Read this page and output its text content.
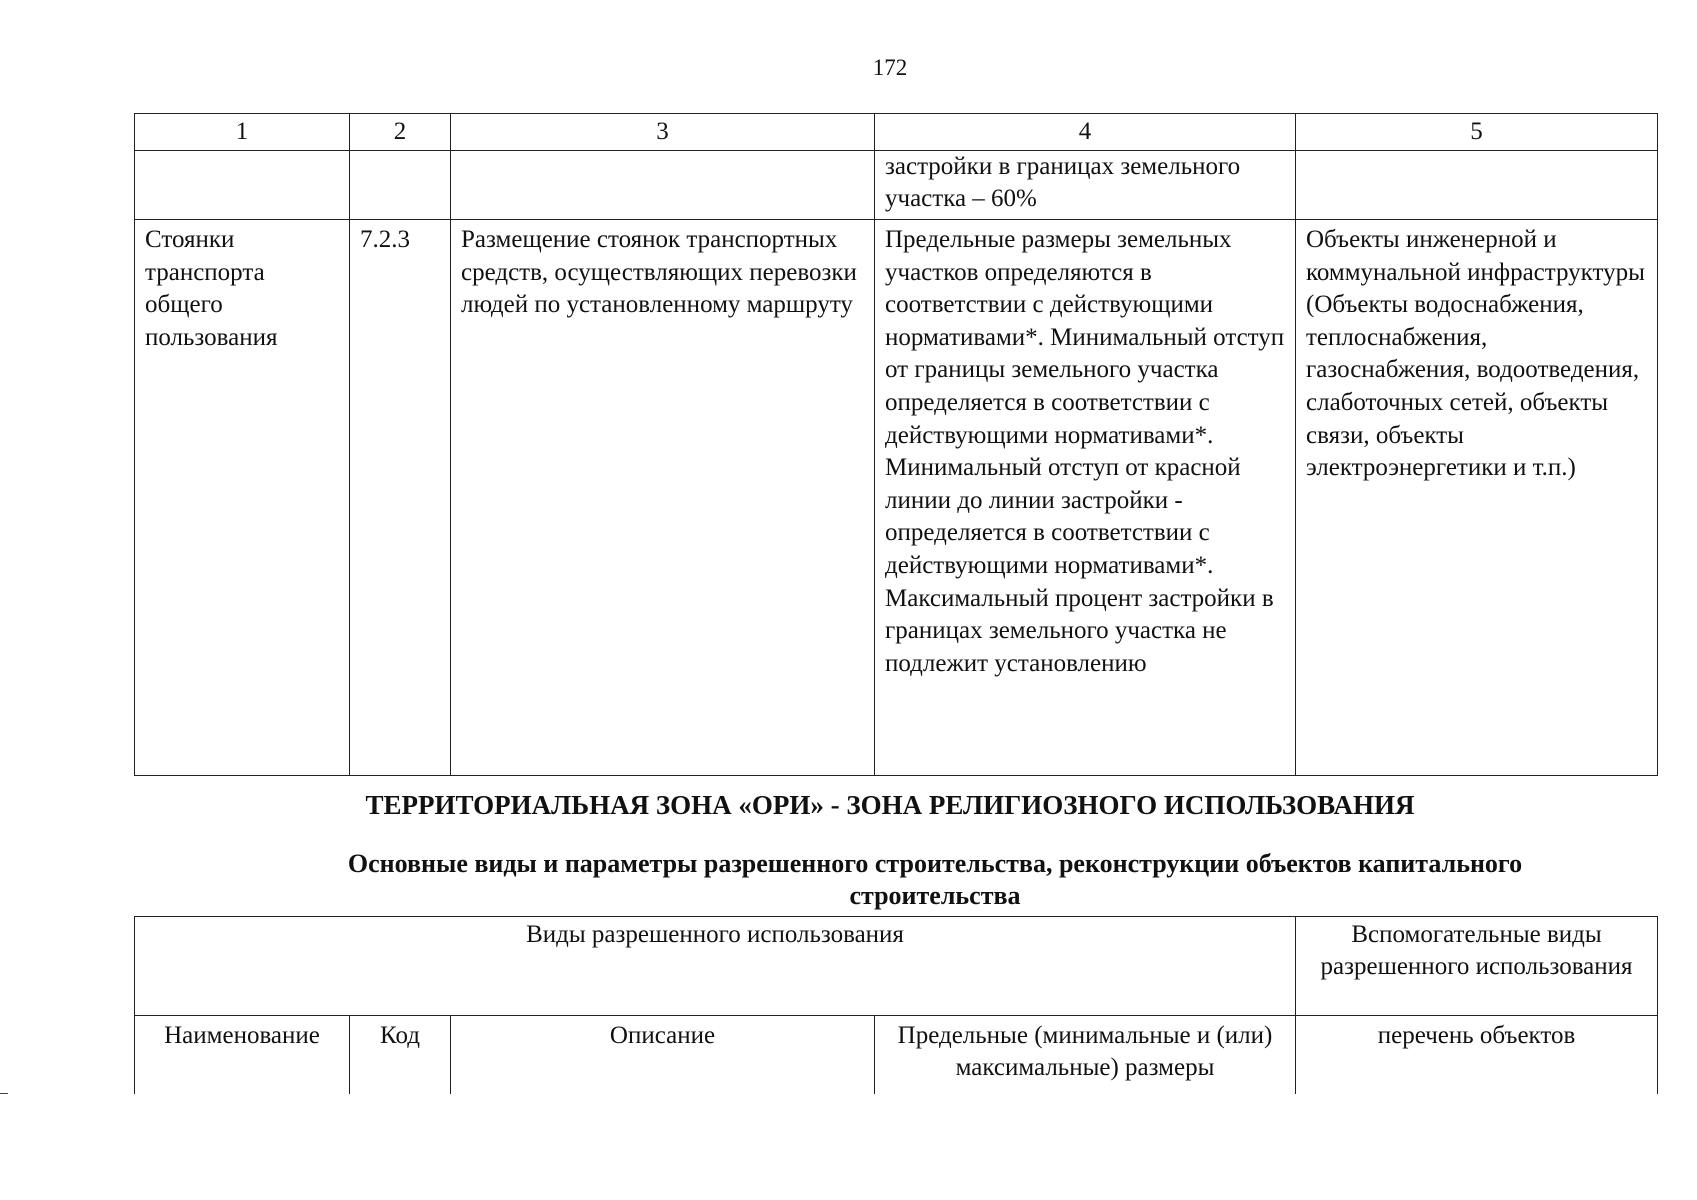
172
1	2	3	4	5
			застройки в границах земельного участка – 60%	
Стоянки транспорта общего пользования	7.2.3	Размещение стоянок транспортных средств, осуществляющих перевозки людей по установленному маршруту	Предельные размеры земельных участков определяются в соответствии с действующими нормативами*. Минимальный отступ от границы земельного участка определяется в соответствии с действующими нормативами*. Минимальный отступ от красной линии до линии застройки - определяется в соответствии с действующими нормативами*. Максимальный процент застройки в границах земельного участка не подлежит установлению	Объекты инженерной и коммунальной инфраструктуры (Объекты водоснабжения, теплоснабжения, газоснабжения, водоотведения, слаботочных сетей, объекты связи, объекты электроэнергетики и т.п.)
ТЕРРИТОРИАЛЬНАЯ ЗОНА «ОРИ» - ЗОНА РЕЛИГИОЗНОГО ИСПОЛЬЗОВАНИЯ
Основные виды и параметры разрешенного строительства, реконструкции объектов капитального строительства
Виды разрешенного использования				Вспомогательные виды разрешенного использования
Наименование	Код	Описание	Предельные (минимальные и (или) максимальные) размеры	перечень объектов
